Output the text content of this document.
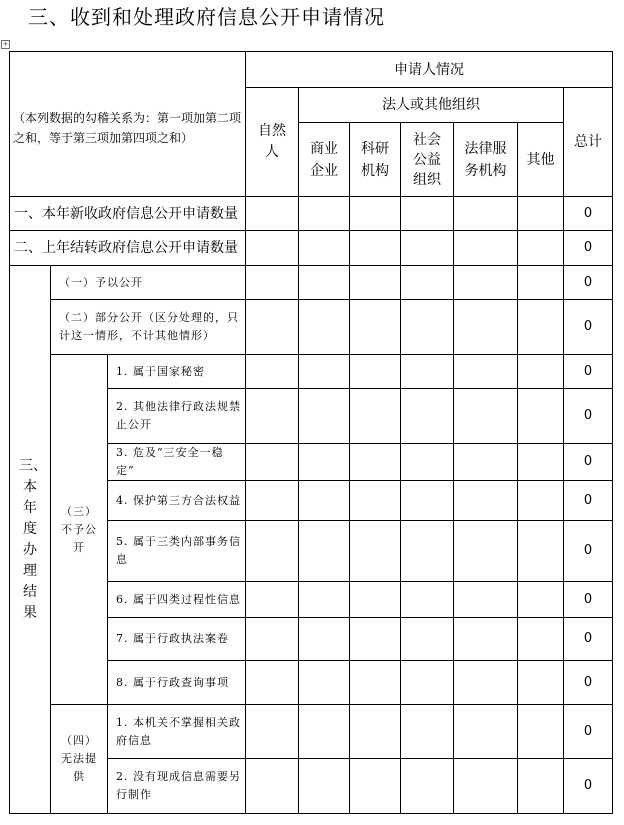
三、收到和处理政府信息公开申请情况
+
（本列数据的勾稽关系为：第一项加第二项之和，等于第三项加第四项之和）			申请人情况						

			自然人	法人或其他组织					总计

				商业企业	科研机构	社会公益组织	法律服务机构	其他	
一、本年新收政府信息公开申请数量									0
二、上年结转政府信息公开申请数量									0

三、本年度办理结果	（一）予以公开								0
	（二）部分公开（区分处理的，只计这一情形，不计其他情形）								0

	（三）不予公开	1. 属于国家秘密							0
		2. 其他法律行政法规禁止公开							0
		3. 危及“三安全一稳定”							0
		4. 保护第三方合法权益							0
		5. 属于三类内部事务信息							0
		6. 属于四类过程性信息							0
		7. 属于行政执法案卷							0
		8. 属于行政查询事项							0

	（四）无法提供	1. 本机关不掌握相关政府信息							0
		2. 没有现成信息需要另行制作							0
